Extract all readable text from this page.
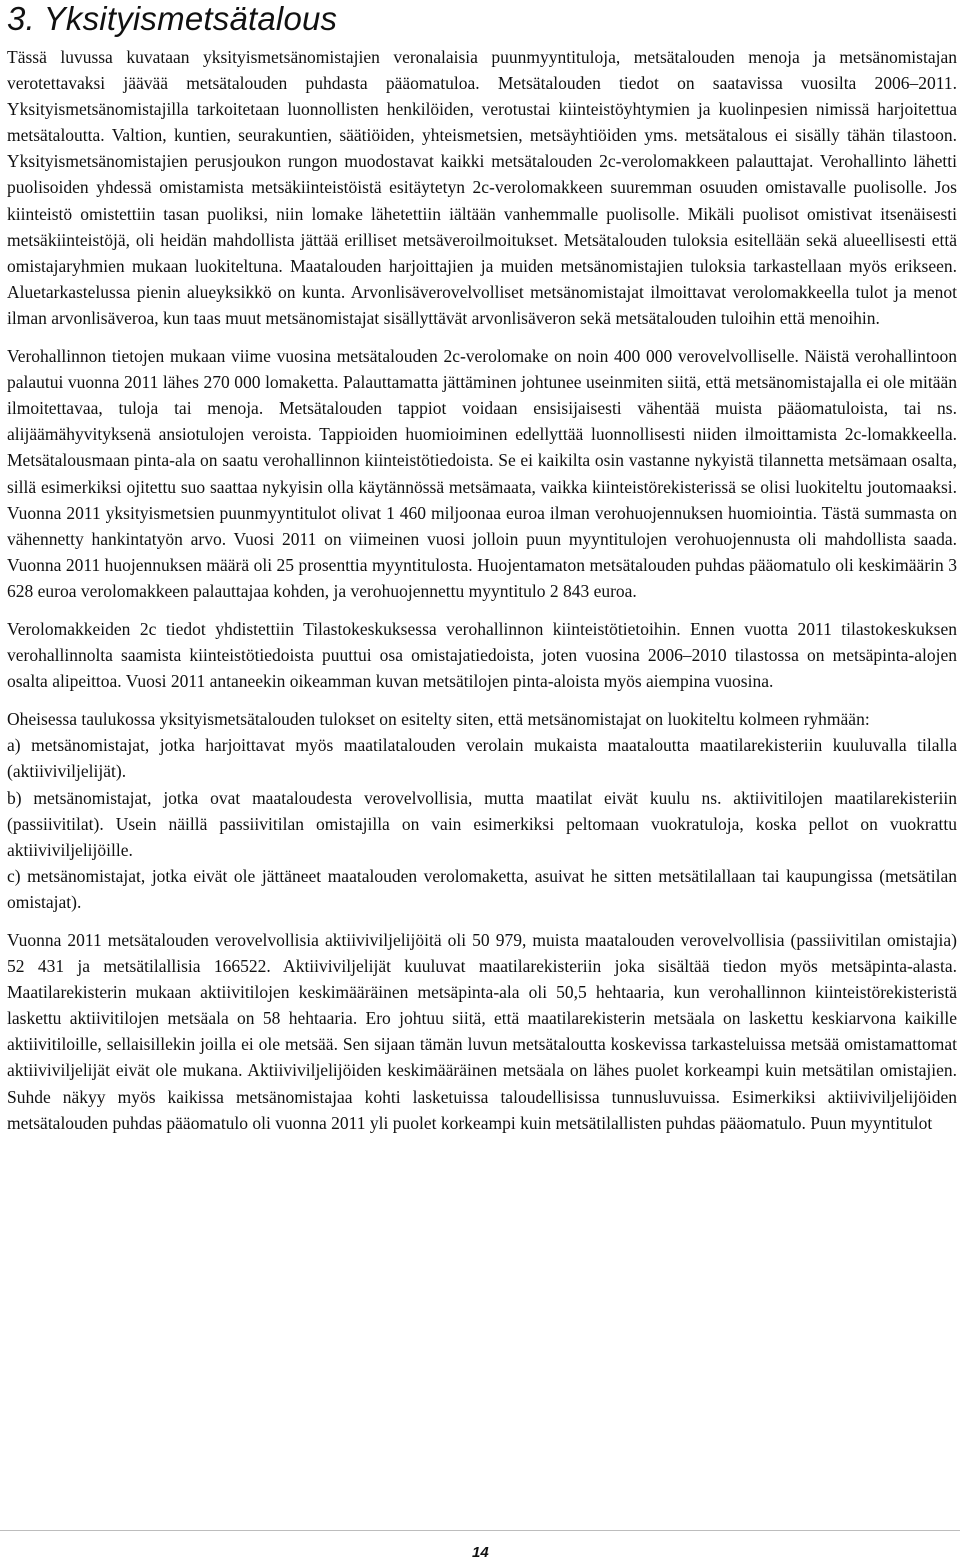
3. Yksityismetsätalous

Tässä luvussa kuvataan yksityismetsänomistajien veronalaisia puunmyyntituloja, metsätalouden menoja ja metsänomistajan verotettavaksi jäävää metsätalouden puhdasta pääomatuloa. Metsätalouden tiedot on saatavissa vuosilta 2006–2011. Yksityismetsänomistajilla tarkoitetaan luonnollisten henkilöiden, verotustai kiinteistöyhtymien ja kuolinpesien nimissä harjoitettua metsätaloutta. Valtion, kuntien, seurakuntien, säätiöiden, yhteismetsien, metsäyhtiöiden yms. metsätalous ei sisälly tähän tilastoon. Yksityismetsänomistajien perusjoukon rungon muodostavat kaikki metsätalouden 2c-verolomakkeen palauttajat. Verohallinto lähetti puolisoiden yhdessä omistamista metsäkiinteistöistä esitäytetyn 2c-verolomakkeen suuremman osuuden omistavalle puolisolle. Jos kiinteistö omistettiin tasan puoliksi, niin lomake lähetettiin iältään vanhemmalle puolisolle. Mikäli puolisot omistivat itsenäisesti metsäkiinteistöjä, oli heidän mahdollista jättää erilliset metsäveroilmoitukset. Metsätalouden tuloksia esitellään sekä alueellisesti että omistajaryhmien mukaan luokiteltuna. Maatalouden harjoittajien ja muiden metsänomistajien tuloksia tarkastellaan myös erikseen. Aluetarkastelussa pienin alueyksikkö on kunta. Arvonlisäverovelvolliset metsänomistajat ilmoittavat verolomakkeella tulot ja menot ilman arvonlisäveroa, kun taas muut metsänomistajat sisällyttävät arvonlisäveron sekä metsätalouden tuloihin että menoihin.

Verohallinnon tietojen mukaan viime vuosina metsätalouden 2c-verolomake on noin 400 000 verovelvolliselle. Näistä verohallintoon palautui vuonna 2011 lähes 270 000 lomaketta. Palauttamatta jättäminen johtunee useinmiten siitä, että metsänomistajalla ei ole mitään ilmoitettavaa, tuloja tai menoja. Metsätalouden tappiot voidaan ensisijaisesti vähentää muista pääomatuloista, tai ns. alijäämähyvityksenä ansiotulojen veroista. Tappioiden huomioiminen edellyttää luonnollisesti niiden ilmoittamista 2c-lomakkeella. Metsätalousmaan pinta-ala on saatu verohallinnon kiinteistötiedoista. Se ei kaikilta osin vastanne nykyistä tilannetta metsämaan osalta, sillä esimerkiksi ojitettu suo saattaa nykyisin olla käytännössä metsämaata, vaikka kiinteistörekisterissä se olisi luokiteltu joutomaaksi. Vuonna 2011 yksityismetsien puunmyyntitulot olivat 1 460 miljoonaa euroa ilman verohuojennuksen huomiointia. Tästä summasta on vähennetty hankintatyön arvo. Vuosi 2011 on viimeinen vuosi jolloin puun myyntitulojen verohuojennusta oli mahdollista saada. Vuonna 2011 huojennuksen määrä oli 25 prosenttia myyntitulosta. Huojentamaton metsätalouden puhdas pääomatulo oli keskimäärin 3 628 euroa verolomakkeen palauttajaa kohden, ja verohuojennettu myyntitulo 2 843 euroa.

Verolomakkeiden 2c tiedot yhdistettiin Tilastokeskuksessa verohallinnon kiinteistötietoihin. Ennen vuotta 2011 tilastokeskuksen verohallinnolta saamista kiinteistötiedoista puuttui osa omistajatiedoista, joten vuosina 2006–2010 tilastossa on metsäpinta-alojen osalta alipeittoa. Vuosi 2011 antaneekin oikeamman kuvan metsätilojen pinta-aloista myös aiempina vuosina.

Oheisessa taulukossa yksityismetsätalouden tulokset on esitelty siten, että metsänomistajat on luokiteltu kolmeen ryhmään:

a) metsänomistajat, jotka harjoittavat myös maatilatalouden verolain mukaista maataloutta maatilarekisteriin kuuluvalla tilalla (aktiiviviljelijät).

b) metsänomistajat, jotka ovat maataloudesta verovelvollisia, mutta maatilat eivät kuulu ns. aktiivitilojen maatilarekisteriin (passiivitilat). Usein näillä passiivitilan omistajilla on vain esimerkiksi peltomaan vuokratuloja, koska pellot on vuokrattu aktiiviviljelijöille.

c) metsänomistajat, jotka eivät ole jättäneet maatalouden verolomaketta, asuivat he sitten metsätilallaan tai kaupungissa (metsätilan omistajat).

Vuonna 2011 metsätalouden verovelvollisia aktiiviviljelijöitä oli 50 979, muista maatalouden verovelvollisia (passiivitilan omistajia) 52 431 ja metsätilallisia 166522. Aktiiviviljelijät kuuluvat maatilarekisteriin joka sisältää tiedon myös metsäpinta-alasta. Maatilarekisterin mukaan aktiivitilojen keskimääräinen metsäpinta-ala oli 50,5 hehtaaria, kun verohallinnon kiinteistörekisteristä laskettu aktiivitilojen metsäala on 58 hehtaaria. Ero johtuu siitä, että maatilarekisterin metsäala on laskettu keskiarvona kaikille aktiivitiloille, sellaisillekin joilla ei ole metsää. Sen sijaan tämän luvun metsätaloutta koskevissa tarkasteluissa metsää omistamattomat aktiiviviljelijät eivät ole mukana. Aktiiviviljelijöiden keskimääräinen metsäala on lähes puolet korkeampi kuin metsätilan omistajien. Suhde näkyy myös kaikissa metsänomistajaa kohti lasketuissa taloudellisissa tunnusluvuissa. Esimerkiksi aktiiviviljelijöiden metsätalouden puhdas pääomatulo oli vuonna 2011 yli puolet korkeampi kuin metsätilallisten puhdas pääomatulo. Puun myyntitulot

14
